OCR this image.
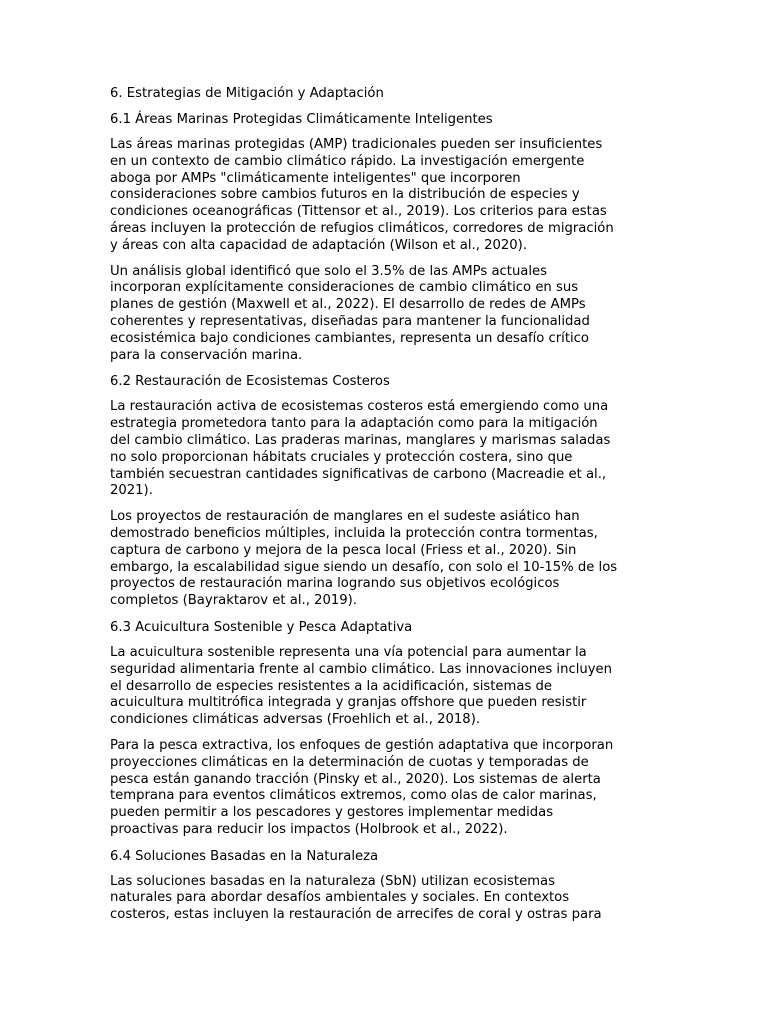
6. Estrategias de Mitigación y Adaptación
6.1 Áreas Marinas Protegidas Climáticamente Inteligentes
Las áreas marinas protegidas (AMP) tradicionales pueden ser insuficientes
en un contexto de cambio climático rápido. La investigación emergente
aboga por AMPs "climáticamente inteligentes" que incorporen
consideraciones sobre cambios futuros en la distribución de especies y
condiciones oceanográficas (Tittensor et al., 2019). Los criterios para estas
áreas incluyen la protección de refugios climáticos, corredores de migración
y áreas con alta capacidad de adaptación (Wilson et al., 2020).
Un análisis global identificó que solo el 3.5% de las AMPs actuales
incorporan explícitamente consideraciones de cambio climático en sus
planes de gestión (Maxwell et al., 2022). El desarrollo de redes de AMPs
coherentes y representativas, diseñadas para mantener la funcionalidad
ecosistémica bajo condiciones cambiantes, representa un desafío crítico
para la conservación marina.
6.2 Restauración de Ecosistemas Costeros
La restauración activa de ecosistemas costeros está emergiendo como una
estrategia prometedora tanto para la adaptación como para la mitigación
del cambio climático. Las praderas marinas, manglares y marismas saladas
no solo proporcionan hábitats cruciales y protección costera, sino que
también secuestran cantidades significativas de carbono (Macreadie et al.,
2021).
Los proyectos de restauración de manglares en el sudeste asiático han
demostrado beneficios múltiples, incluida la protección contra tormentas,
captura de carbono y mejora de la pesca local (Friess et al., 2020). Sin
embargo, la escalabilidad sigue siendo un desafío, con solo el 10-15% de los
proyectos de restauración marina logrando sus objetivos ecológicos
completos (Bayraktarov et al., 2019).
6.3 Acuicultura Sostenible y Pesca Adaptativa
La acuicultura sostenible representa una vía potencial para aumentar la
seguridad alimentaria frente al cambio climático. Las innovaciones incluyen
el desarrollo de especies resistentes a la acidificación, sistemas de
acuicultura multitrófica integrada y granjas offshore que pueden resistir
condiciones climáticas adversas (Froehlich et al., 2018).
Para la pesca extractiva, los enfoques de gestión adaptativa que incorporan
proyecciones climáticas en la determinación de cuotas y temporadas de
pesca están ganando tracción (Pinsky et al., 2020). Los sistemas de alerta
temprana para eventos climáticos extremos, como olas de calor marinas,
pueden permitir a los pescadores y gestores implementar medidas
proactivas para reducir los impactos (Holbrook et al., 2022).
6.4 Soluciones Basadas en la Naturaleza
Las soluciones basadas en la naturaleza (SbN) utilizan ecosistemas
naturales para abordar desafíos ambientales y sociales. En contextos
costeros, estas incluyen la restauración de arrecifes de coral y ostras para
